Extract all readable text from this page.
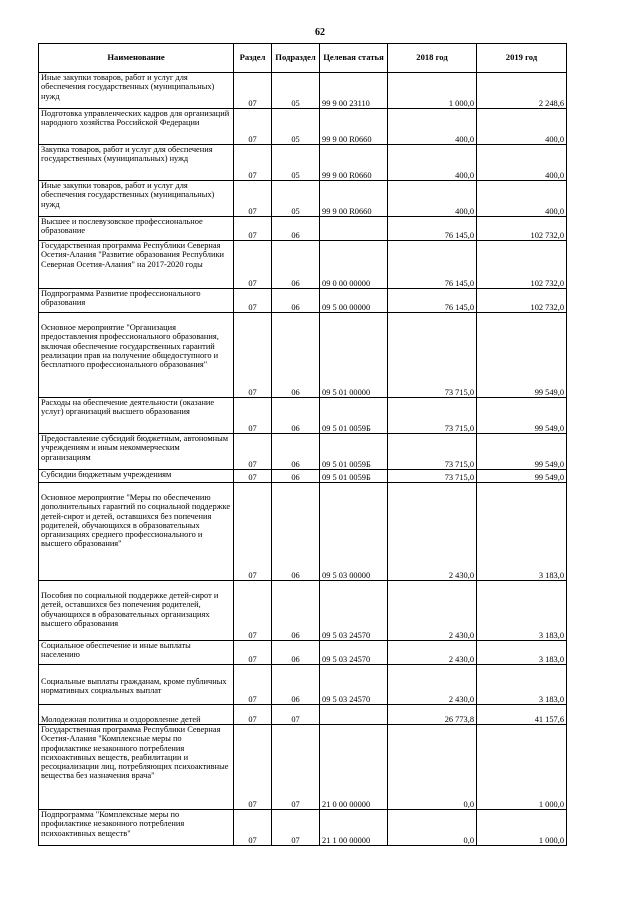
62
Наименование	Раздел	Подраздел	Целевая статья	2018 год	2019 год
Иные закупки товаров, работ и услуг для обеспечения государственных (муниципальных) нужд	07	05	99 9 00 23110	1 000,0	2 248,6
Подготовка управленческих кадров для организаций народного хозяйства Российской Федерации	07	05	99 9 00 R0660	400,0	400,0
Закупка товаров, работ и услуг для обеспечения государственных (муниципальных) нужд	07	05	99 9 00 R0660	400,0	400,0
Иные закупки товаров, работ и услуг для обеспечения государственных (муниципальных) нужд	07	05	99 9 00 R0660	400,0	400,0
Высшее и послевузовское профессиональное образование	07	06		76 145,0	102 732,0
Государственная программа Республики Северная Осетия-Алания "Развитие образования Республики Северная Осетия-Алания" на 2017-2020 годы	07	06	09 0 00 00000	76 145,0	102 732,0
Подпрограмма Развитие профессионального образования	07	06	09 5 00 00000	76 145,0	102 732,0
Основное мероприятие "Организация предоставления профессионального образования, включая обеспечение государственных гарантий реализации прав на получение общедоступного и бесплатного профессионального образования"	07	06	09 5 01 00000	73 715,0	99 549,0
Расходы на обеспечение деятельности (оказание услуг) организаций высшего образования	07	06	09 5 01 0059Б	73 715,0	99 549,0
Предоставление субсидий бюджетным, автономным учреждениям и иным некоммерческим организациям	07	06	09 5 01 0059Б	73 715,0	99 549,0
Субсидии бюджетным учреждениям	07	06	09 5 01 0059Б	73 715,0	99 549,0
Основное мероприятие "Меры по обеспечению дополнительных гарантий по социальной поддержке детей-сирот и детей, оставшихся без попечения родителей, обучающихся в образовательных организациях среднего профессионального и высшего образования"	07	06	09 5 03 00000	2 430,0	3 183,0
Пособия по социальной поддержке детей-сирот и детей, оставшихся без попечения родителей, обучающихся в образовательных организациях высшего образования	07	06	09 5 03 24570	2 430,0	3 183,0
Социальное обеспечение и иные выплаты населению	07	06	09 5 03 24570	2 430,0	3 183,0
Социальные выплаты гражданам, кроме публичных нормативных социальных выплат	07	06	09 5 03 24570	2 430,0	3 183,0
Молодежная политика и оздоровление детей	07	07		26 773,8	41 157,6
Государственная программа Республики Северная Осетия-Алания "Комплексные меры по профилактике незаконного потребления психоактивных веществ, реабилитации и ресоциализации лиц, потребляющих психоактивные вещества без назначения врача"	07	07	21 0 00 00000	0,0	1 000,0
Подпрограмма "Комплексные меры по профилактике незаконного потребления психоактивных веществ"	07	07	21 1 00 00000	0,0	1 000,0
